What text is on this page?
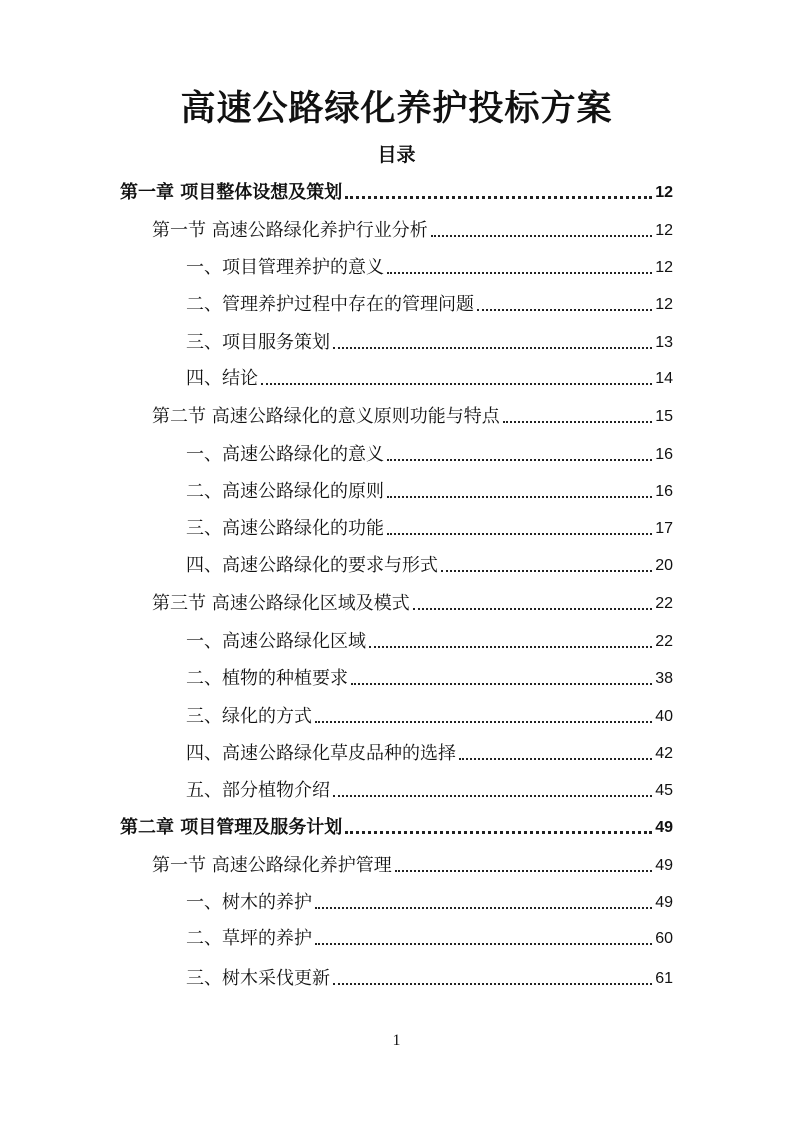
高速公路绿化养护投标方案
目录
第一章 项目整体设想及策划	12
第一节 高速公路绿化养护行业分析	12
一、项目管理养护的意义	12
二、管理养护过程中存在的管理问题	12
三、项目服务策划	13
四、结论	14
第二节 高速公路绿化的意义原则功能与特点	15
一、高速公路绿化的意义	16
二、高速公路绿化的原则	16
三、高速公路绿化的功能	17
四、高速公路绿化的要求与形式	20
第三节 高速公路绿化区域及模式	22
一、高速公路绿化区域	22
二、植物的种植要求	38
三、绿化的方式	40
四、高速公路绿化草皮品种的选择	42
五、部分植物介绍	45
第二章 项目管理及服务计划	49
第一节 高速公路绿化养护管理	49
一、树木的养护	49
二、草坪的养护	60
三、树木采伐更新	61
1
